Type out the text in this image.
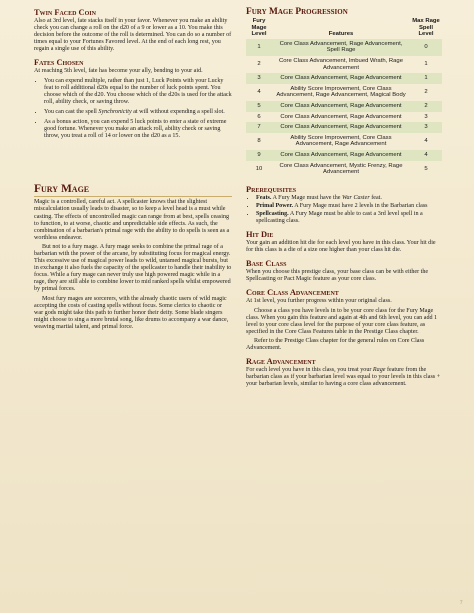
Twin Faced Coin

Also at 3rd level, fate stacks itself in your favor. Whenever you make an ability check you can change a roll on the d20 of a 9 or lower as a 10. You make this decision before the outcome of the roll is determined. You can do so a number of times equal to your Fortunes Favored level. At the end of each long rest, you regain a single use of this ability.

Fates Chosen

At reaching 5th level, fate has become your ally, bending to your aid.

• You can expend multiple, rather than just 1, Luck Points with your Lucky feat to roll additional d20s equal to the number of luck points spent. You choose which of the d20. You choose which of the d20s is used for the attack roll, ability check, or saving throw.
• You can cast the spell Synchronicity at will without expending a spell slot.
• As a bonus action, you can expend 5 luck points to enter a state of extreme good fortune. Whenever you make an attack roll, ability check or saving throw, you treat a roll of 14 or lower on the d20 as a 15.
Fury Mage

Magic is a controlled, careful act. A spellcaster knows that the slightest miscalculation usually leads to disaster, so to keep a level head is a must while casting. The effects of uncontrolled magic can range from at best, spells ceasing to function, to at worse, chaotic and unpredictable side effects. As such, the combination of a barbarian's primal rage with the ability to do spells is seen as a worthless endeavor.

But not to a fury mage. A fury mage seeks to combine the primal rage of a barbarian with the power of the arcane, by substituting focus for magical energy. This excessive use of magical power leads to wild, untamed magical bursts, but in exchange it also fuels the capacity of the spellcaster to handle their inability to focus. While a fury mage can never truly use high powered magic while in a rage, they are still able to combine lower to mid ranked spells whilst empowered by primal forces.

Most fury mages are sorcerers, with the already chaotic users of wild magic accepting the costs of casting spells without focus. Some clerics to chaotic or war gods might take this path to further honor their deity. Some blade singers might choose to sing a more brutal song, like drums to accompany a war dance, weaving martial talent, and primal force.

Fury Mage Progression
Fury Mage Level	Features	Max Rage Spell Level
1	Core Class Advancement, Rage Advancement, Spell Rage	0
2	Core Class Advancement, Imbued Wrath, Rage Advancement	1
3	Core Class Advancement, Rage Advancement	1
4	Ability Score Improvement, Core Class Advancement, Rage Advancement, Magical Body	2
5	Core Class Advancement, Rage Advancement	2
6	Core Class Advancement, Rage Advancement	3
7	Core Class Advancement, Rage Advancement	3
8	Ability Score Improvement, Core Class Advancement, Rage Advancement	4
9	Core Class Advancement, Rage Advancement	4
10	Core Class Advancement, Mystic Frenzy, Rage Advancement	5
Prerequisites
• Feats. A Fury Mage must have the War Caster feat.
• Primal Power. A Fury Mage must have 2 levels in the Barbarian class
• Spellcasting. A Fury Mage must be able to cast a 3rd level spell in a spellcasting class.
Hit Die

Your gain an addition hit die for each level you have in this class. Your hit die for this class is a die of a size one higher than your class hit die.

Base Class

When you choose this prestige class, your base class can be with either the Spellcasting or Pact Magic feature as your core class.

Core Class Advancement

At 1st level, you further progress within your original class.

Choose a class you have levels in to be your core class for the Fury Mage class. When you gain this feature and again at 4th and 6th level, you can add 1 level to your core class level for the purpose of your core class feature, as specified in the Core Class Features table in the Prestige Class chapter.

Refer to the Prestige Class chapter for the general rules on Core Class Advancement.

Rage Advancement

For each level you have in this class, you treat your Rage feature from the barbarian class as if your barbarian level was equal to your levels in this class + your barbarian levels, similar to having a core class advancement.

7
